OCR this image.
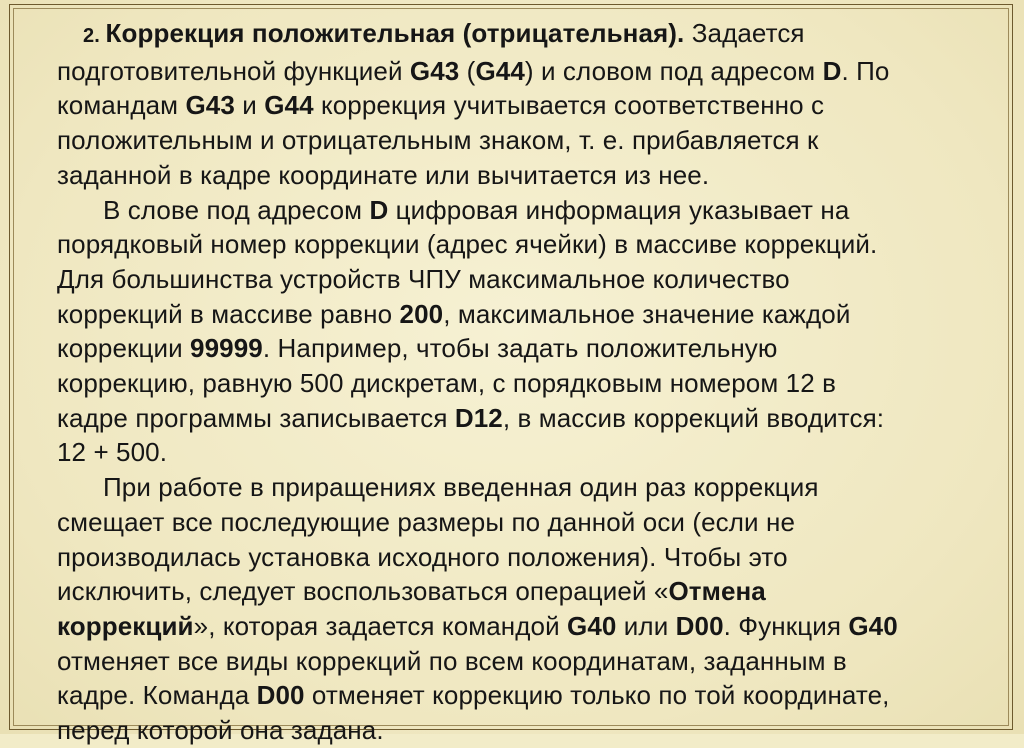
2. Коррекция положительная (отрицательная). Задается
подготовительной функцией G43 (G44) и словом под адресом D. По
командам G43 и G44 коррекция учитывается соответственно с
положительным и отрицательным знаком, т. е. прибавляется к
заданной в кадре координате или вычитается из нее.
В слове под адресом D цифровая информация указывает на
порядковый номер коррекции (адрес ячейки) в массиве коррекций.
Для большинства устройств ЧПУ максимальное количество
коррекций в массиве равно 200, максимальное значение каждой
коррекции 99999. Например, чтобы задать положительную
коррекцию, равную 500 дискретам, с порядковым номером 12 в
кадре программы записывается D12, в массив коррекций вводится:
12 + 500.
При работе в приращениях введенная один раз коррекция
смещает все последующие размеры по данной оси (если не
производилась установка исходного положения). Чтобы это
исключить, следует воспользоваться операцией «Отмена
коррекций», которая задается командой G40 или D00. Функция G40
отменяет все виды коррекций по всем координатам, заданным в
кадре. Команда D00 отменяет коррекцию только по той координате,
перед которой она задана.
